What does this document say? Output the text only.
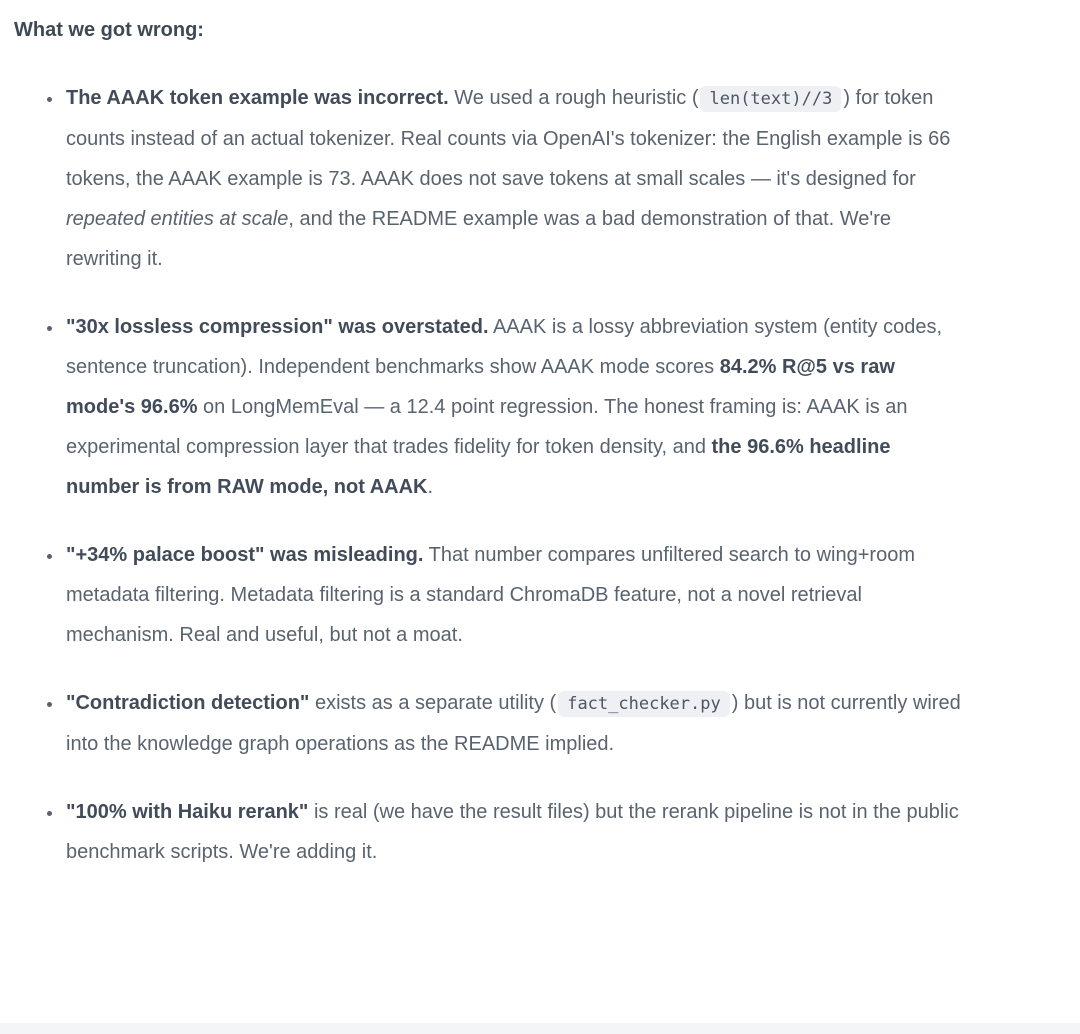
What we got wrong:

• The AAAK token example was incorrect. We used a rough heuristic ( len(text)//3 ) for token counts instead of an actual tokenizer. Real counts via OpenAI's tokenizer: the English example is 66 tokens, the AAAK example is 73. AAAK does not save tokens at small scales — it's designed for repeated entities at scale, and the README example was a bad demonstration of that. We're rewriting it.
• "30x lossless compression" was overstated. AAAK is a lossy abbreviation system (entity codes, sentence truncation). Independent benchmarks show AAAK mode scores 84.2% R@5 vs raw mode's 96.6% on LongMemEval — a 12.4 point regression. The honest framing is: AAAK is an experimental compression layer that trades fidelity for token density, and the 96.6% headline number is from RAW mode, not AAAK.
• "+34% palace boost" was misleading. That number compares unfiltered search to wing+room metadata filtering. Metadata filtering is a standard ChromaDB feature, not a novel retrieval mechanism. Real and useful, but not a moat.
• "Contradiction detection" exists as a separate utility ( fact_checker.py ) but is not currently wired into the knowledge graph operations as the README implied.
• "100% with Haiku rerank" is real (we have the result files) but the rerank pipeline is not in the public benchmark scripts. We're adding it.
